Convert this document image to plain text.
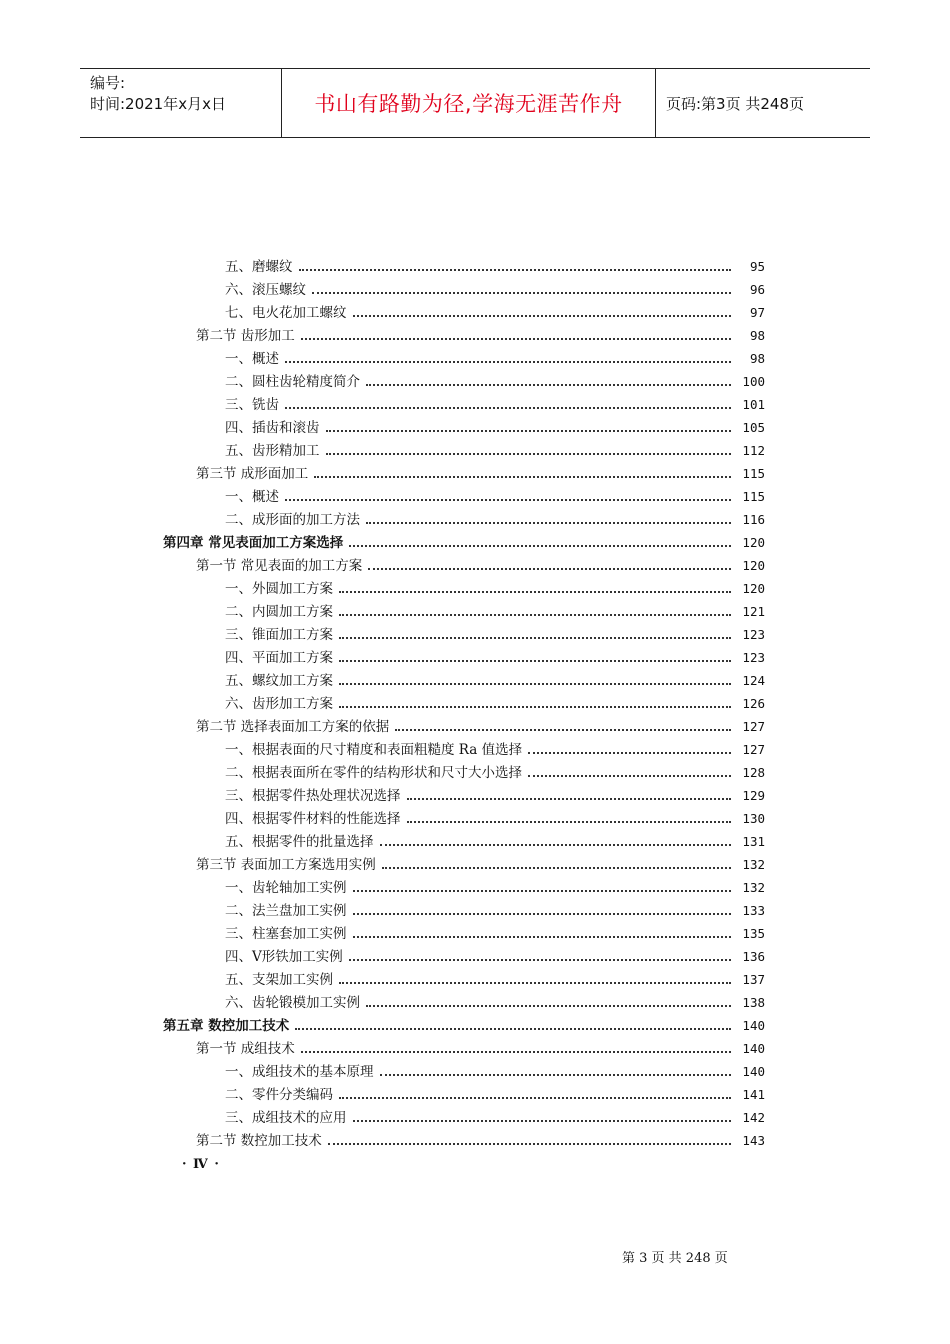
编号:
时间:2021年x月x日	书山有路勤为径,学海无涯苦作舟	页码:第3页 共248页
五、磨螺纹	95
六、滚压螺纹	96
七、电火花加工螺纹	97
第二节 齿形加工	98
一、概述	98
二、圆柱齿轮精度简介	100
三、铣齿	101
四、插齿和滚齿	105
五、齿形精加工	112
第三节 成形面加工	115
一、概述	115
二、成形面的加工方法	116
第四章 常见表面加工方案选择	120
第一节 常见表面的加工方案	120
一、外圆加工方案	120
二、内圆加工方案	121
三、锥面加工方案	123
四、平面加工方案	123
五、螺纹加工方案	124
六、齿形加工方案	126
第二节 选择表面加工方案的依据	127
一、根据表面的尺寸精度和表面粗糙度 Ra 值选择	127
二、根据表面所在零件的结构形状和尺寸大小选择	128
三、根据零件热处理状况选择	129
四、根据零件材料的性能选择	130
五、根据零件的批量选择	131
第三节 表面加工方案选用实例	132
一、齿轮轴加工实例	132
二、法兰盘加工实例	133
三、柱塞套加工实例	135
四、V形铁加工实例	136
五、支架加工实例	137
六、齿轮锻模加工实例	138
第五章 数控加工技术	140
第一节 成组技术	140
一、成组技术的基本原理	140
二、零件分类编码	141
三、成组技术的应用	142
第二节 数控加工技术	143
· Ⅳ ·
第 3 页 共 248 页
